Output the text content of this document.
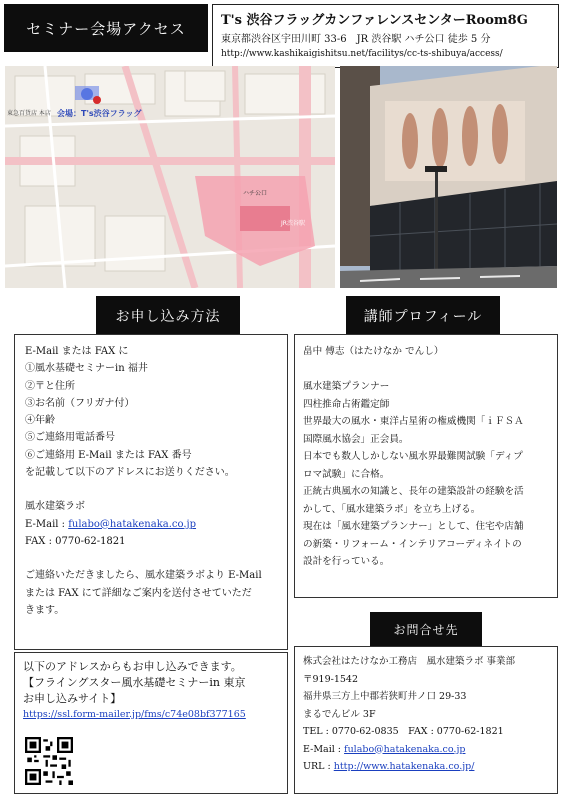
セミナー会場アクセス	T's 渋谷フラッグカンファレンスセンターRoom8G
東京都渋谷区宇田川町 33-6　JR 渋谷駅 ハチ公口 徒歩 5 分
http://www.kashikaigishitsu.net/facilitys/cc-ts-shibuya/access/
東急百貨店 本店 会場：T's渋谷フラッグ
ハチ公口
JR渋谷駅
お申し込み方法
E-Mail または FAX に
①風水基礎セミナーin 福井
②〒と住所
③お名前（フリガナ付）
④年齢
⑤ご連絡用電話番号
⑥ご連絡用 E-Mail または FAX 番号
を記載して以下のアドレスにお送りください。
風水建築ラボ
E-Mail : fulabo@hatakenaka.co.jp
FAX : 0770-62-1821
ご連絡いただきましたら、風水建築ラボより E-Mail
または FAX にて詳細なご案内を送付させていただ
きます。
以下のアドレスからもお申し込みできます。
【フライングスター風水基礎セミナーin 東京
お申し込みサイト】
https://ssl.form-mailer.jp/fms/c74e08bf377165
講師プロフィール
畠中 傅志（はたけなか でんし）
風水建築プランナー
四柱推命占術鑑定師
世界最大の風水・東洋占星術の権威機関「ｉＦＳＡ
国際風水協会」正会員。
日本でも数人しかしない風水界最難関試験「ディプ
ロマ試験」に合格。
正統古典風水の知識と、長年の建築設計の経験を活
かして、「風水建築ラボ」を立ち上げる。
現在は「風水建築プランナー」として、住宅や店舗
の新築・リフォーム・インテリアコーディネイトの
設計を行っている。
お問合せ先
株式会社はたけなか工務店　風水建築ラボ 事業部
〒919-1542
福井県三方上中郡若狭町井ノ口 29-33
まるでんビル 3F
TEL : 0770-62-0835　FAX : 0770-62-1821
E-Mail : fulabo@hatakenaka.co.jp
URL : http://www.hatakenaka.co.jp/
